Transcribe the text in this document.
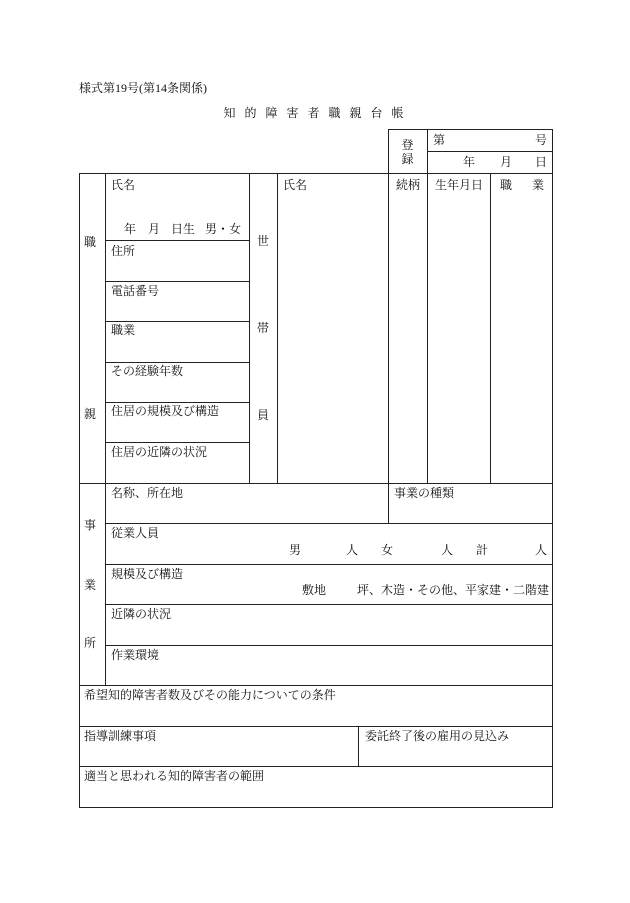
様式第19号(第14条関係)
知 的 障 害 者 職 親 台 帳
登録
第	号
年 月 日
職
親
氏名
年 月 日生 男・女
住所
電話番号
職業
その経験年数
住居の規模及び構造
住居の近隣の状況
世
帯
員
氏名	続柄 生年月日 職業
事
業
所
名称、所在地	事業の種類
従業人員
男	人 女	人 計	人
規模及び構造
敷地	坪、木造・その他、平家建・二階建
近隣の状況
作業環境
希望知的障害者数及びその能力についての条件
指導訓練事項	委託終了後の雇用の見込み
適当と思われる知的障害者の範囲
